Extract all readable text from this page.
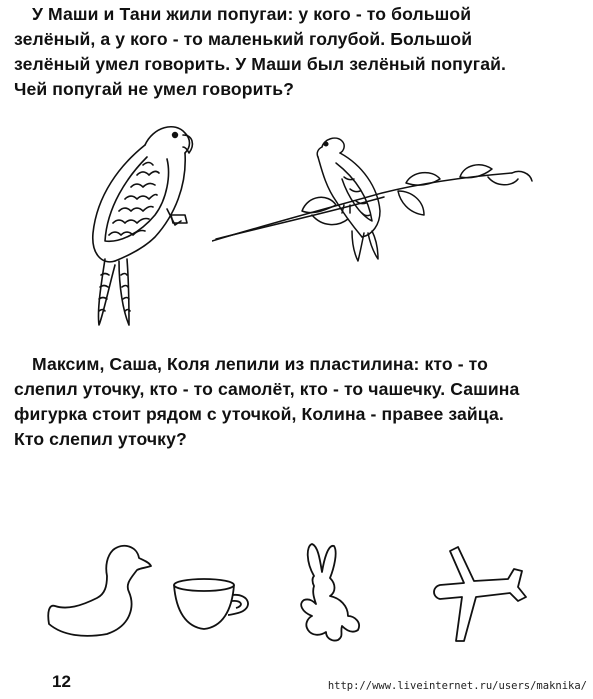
У Маши и Тани жили попугаи: у кого - то большой
зелёный, а у кого - то маленький голубой. Большой
зелёный умел говорить. У Маши был зелёный попугай.
Чей попугай не умел говорить?
Максим, Саша, Коля лепили из пластилина: кто - то
слепил уточку, кто - то самолёт, кто - то чашечку. Сашина
фигурка стоит рядом с уточкой, Колина - правее зайца.
Кто слепил уточку?
12	http://www.liveinternet.ru/users/maknika/
